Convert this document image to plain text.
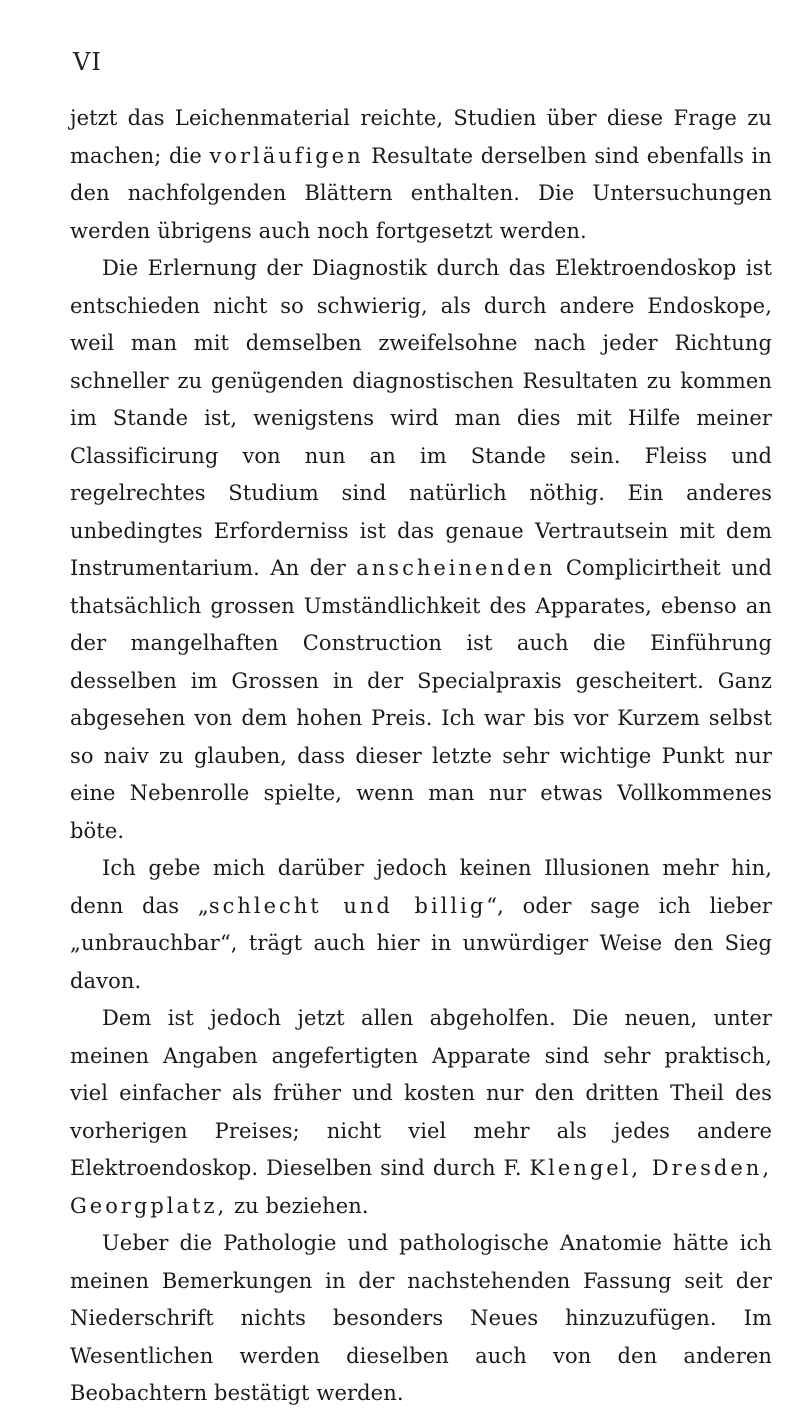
VI

jetzt das Leichenmaterial reichte, Studien über diese Frage zu machen; die vorläufigen Resultate derselben sind ebenfalls in den nachfolgenden Blättern enthalten. Die Untersuchungen werden übrigens auch noch fortgesetzt werden.

Die Erlernung der Diagnostik durch das Elektroendoskop ist entschieden nicht so schwierig, als durch andere Endoskope, weil man mit demselben zweifelsohne nach jeder Richtung schneller zu genügenden diagnostischen Resultaten zu kommen im Stande ist, wenigstens wird man dies mit Hilfe meiner Classificirung von nun an im Stande sein. Fleiss und regelrechtes Studium sind natürlich nöthig. Ein anderes unbedingtes Erforderniss ist das genaue Vertrautsein mit dem Instrumentarium. An der anscheinenden Complicirtheit und thatsächlich grossen Umständlichkeit des Apparates, ebenso an der mangelhaften Construction ist auch die Einführung desselben im Grossen in der Specialpraxis gescheitert. Ganz abgesehen von dem hohen Preis. Ich war bis vor Kurzem selbst so naiv zu glauben, dass dieser letzte sehr wichtige Punkt nur eine Nebenrolle spielte, wenn man nur etwas Vollkommenes böte.

Ich gebe mich darüber jedoch keinen Illusionen mehr hin, denn das „schlecht und billig“, oder sage ich lieber „unbrauchbar“, trägt auch hier in unwürdiger Weise den Sieg davon.

Dem ist jedoch jetzt allen abgeholfen. Die neuen, unter meinen Angaben angefertigten Apparate sind sehr praktisch, viel einfacher als früher und kosten nur den dritten Theil des vorherigen Preises; nicht viel mehr als jedes andere Elektroendoskop. Dieselben sind durch F. Klengel, Dresden, Georgplatz, zu beziehen.

Ueber die Pathologie und pathologische Anatomie hätte ich meinen Bemerkungen in der nachstehenden Fassung seit der Niederschrift nichts besonders Neues hinzuzufügen. Im Wesentlichen werden dieselben auch von den anderen Beobachtern bestätigt werden.
